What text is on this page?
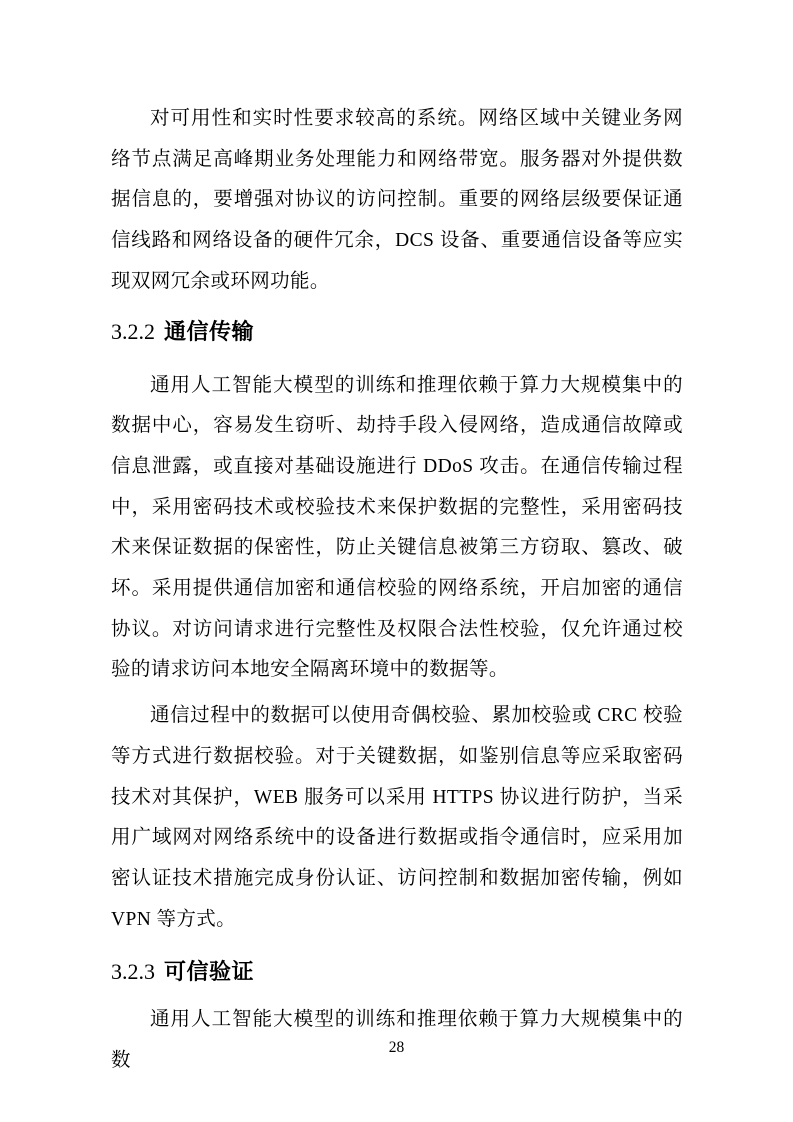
对可用性和实时性要求较高的系统。网络区域中关键业务网络节点满足高峰期业务处理能力和网络带宽。服务器对外提供数据信息的，要增强对协议的访问控制。重要的网络层级要保证通信线路和网络设备的硬件冗余，DCS 设备、重要通信设备等应实现双网冗余或环网功能。

3.2.2 通信传输

通用人工智能大模型的训练和推理依赖于算力大规模集中的数据中心，容易发生窃听、劫持手段入侵网络，造成通信故障或信息泄露，或直接对基础设施进行 DDoS 攻击。在通信传输过程中，采用密码技术或校验技术来保护数据的完整性，采用密码技术来保证数据的保密性，防止关键信息被第三方窃取、篡改、破坏。采用提供通信加密和通信校验的网络系统，开启加密的通信协议。对访问请求进行完整性及权限合法性校验，仅允许通过校验的请求访问本地安全隔离环境中的数据等。

通信过程中的数据可以使用奇偶校验、累加校验或 CRC 校验等方式进行数据校验。对于关键数据，如鉴别信息等应采取密码技术对其保护，WEB 服务可以采用 HTTPS 协议进行防护，当采用广域网对网络系统中的设备进行数据或指令通信时，应采用加密认证技术措施完成身份认证、访问控制和数据加密传输，例如 VPN 等方式。

3.2.3 可信验证

通用人工智能大模型的训练和推理依赖于算力大规模集中的数

28
